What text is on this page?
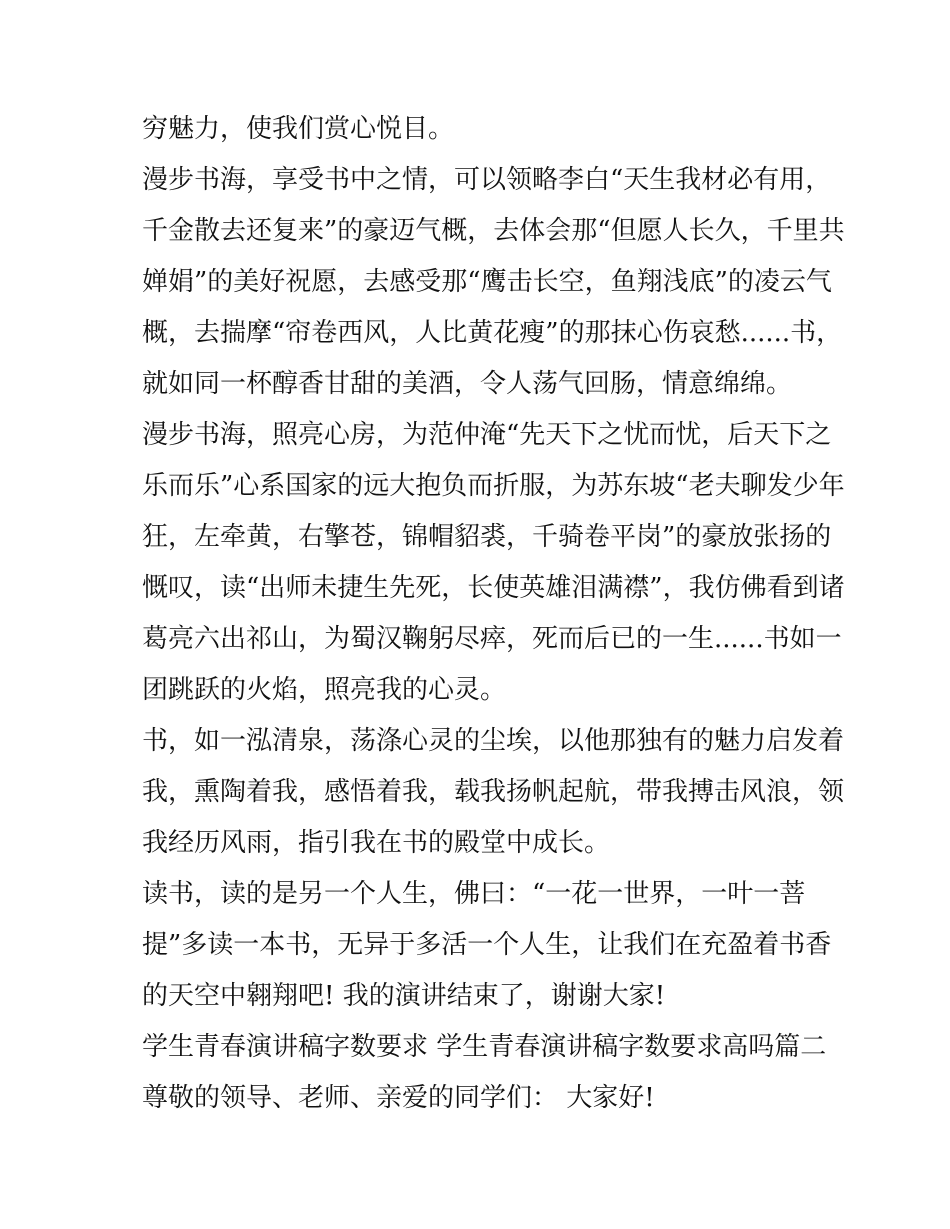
穷魅力，使我们赏心悦目。

漫步书海，享受书中之情，可以领略李白“天生我材必有用，

千金散去还复来”的豪迈气概，去体会那“但愿人长久，千里共

婵娟”的美好祝愿，去感受那“鹰击长空，鱼翔浅底”的凌云气

概，去揣摩“帘卷西风，人比黄花瘦”的那抹心伤哀愁......书，

就如同一杯醇香甘甜的美酒，令人荡气回肠，情意绵绵。

漫步书海，照亮心房，为范仲淹“先天下之忧而忧，后天下之

乐而乐”心系国家的远大抱负而折服，为苏东坡“老夫聊发少年

狂，左牵黄，右擎苍，锦帽貂裘，千骑卷平岗”的豪放张扬的

慨叹，读“出师未捷生先死，长使英雄泪满襟”，我仿佛看到诸

葛亮六出祁山，为蜀汉鞠躬尽瘁，死而后已的一生......书如一

团跳跃的火焰，照亮我的心灵。

书，如一泓清泉，荡涤心灵的尘埃，以他那独有的魅力启发着

我，熏陶着我，感悟着我，载我扬帆起航，带我搏击风浪，领

我经历风雨，指引我在书的殿堂中成长。

读书，读的是另一个人生，佛曰：“一花一世界，一叶一菩

提”多读一本书，无异于多活一个人生，让我们在充盈着书香

的天空中翱翔吧! 我的演讲结束了，谢谢大家!

学生青春演讲稿字数要求 学生青春演讲稿字数要求高吗篇二

尊敬的领导、老师、亲爱的同学们： 大家好!
